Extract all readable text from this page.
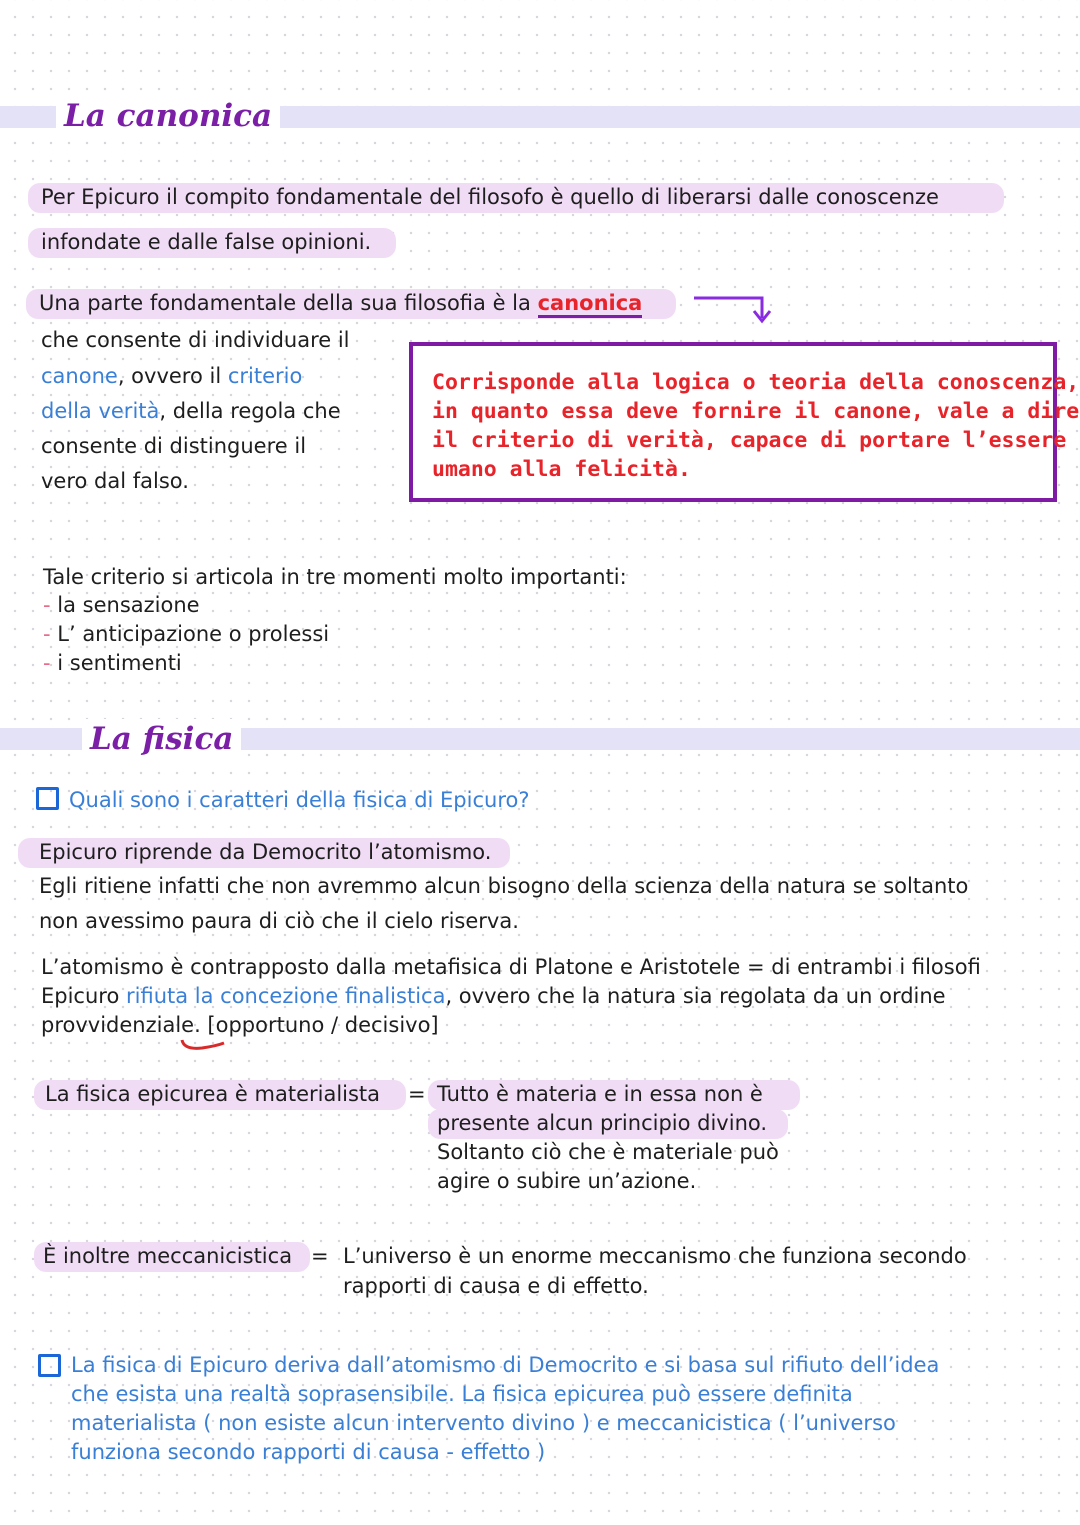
La canonica
Per Epicuro il compito fondamentale del filosofo è quello di liberarsi dalle conoscenze
infondate e dalle false opinioni.
Una parte fondamentale della sua filosofia è la canonica
che consente di individuare il
canone, ovvero il criterio
della verità, della regola che
consente di distinguere il
vero dal falso.
Corrisponde alla logica o teoria della conoscenza,
in quanto essa deve fornire il canone, vale a dire
il criterio di verità, capace di portare l’essere
umano alla felicità.
Tale criterio si articola in tre momenti molto importanti:
- la sensazione
- L’ anticipazione o prolessi
- i sentimenti
La fisica
Quali sono i caratteri della fisica di Epicuro?
Epicuro riprende da Democrito l’atomismo.
Egli ritiene infatti che non avremmo alcun bisogno della scienza della natura se soltanto
non avessimo paura di ciò che il cielo riserva.
L’atomismo è contrapposto dalla metafisica di Platone e Aristotele = di entrambi i filosofi
Epicuro rifiuta la concezione finalistica, ovvero che la natura sia regolata da un ordine
provvidenziale. [opportuno / decisivo]
La fisica epicurea è materialista = Tutto è materia e in essa non è
presente alcun principio divino.
Soltanto ciò che è materiale può
agire o subire un’azione.
È inoltre meccanicistica = L’universo è un enorme meccanismo che funziona secondo
rapporti di causa e di effetto.
La fisica di Epicuro deriva dall’atomismo di Democrito e si basa sul rifiuto dell’idea
che esista una realtà soprasensibile. La fisica epicurea può essere definita
materialista ( non esiste alcun intervento divino ) e meccanicistica ( l’universo
funziona secondo rapporti di causa - effetto )
